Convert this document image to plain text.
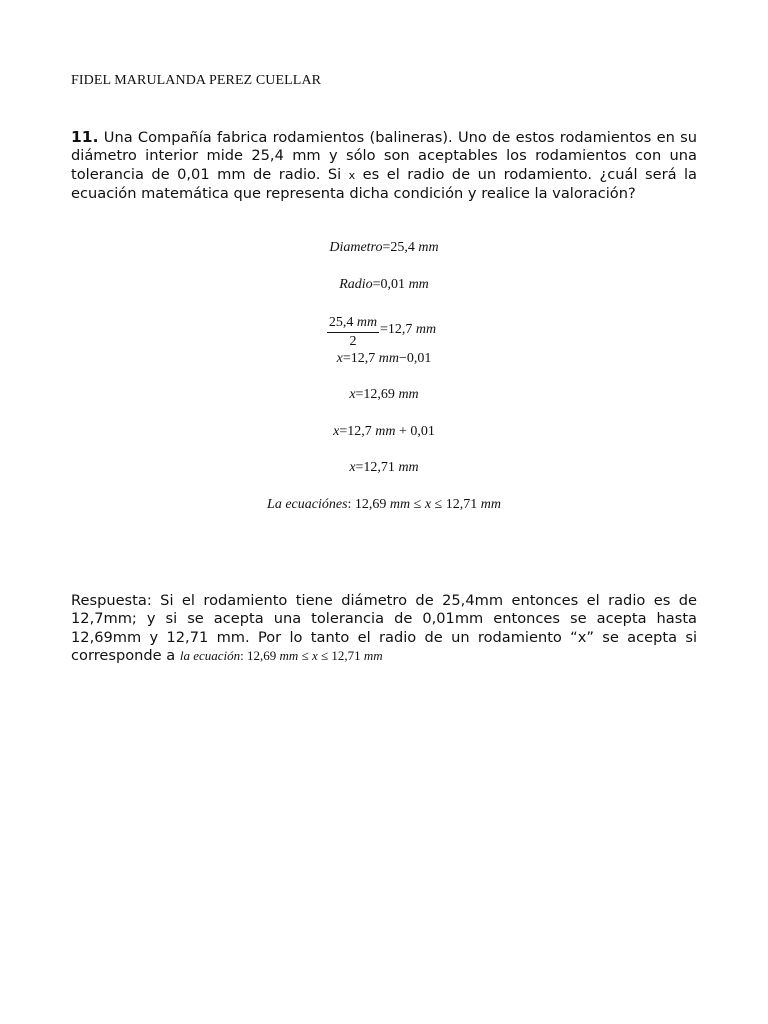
FIDEL MARULANDA PEREZ CUELLAR
11. Una Compañía fabrica rodamientos (balineras). Uno de estos rodamientos en su diámetro interior mide 25,4 mm y sólo son aceptables los rodamientos con una tolerancia de 0,01 mm de radio. Si x es el radio de un rodamiento. ¿cuál será la ecuación matemática que representa dicha condición y realice la valoración?
Diametro=25,4 mm
Radio=0,01 mm
25,4 mm
2
=12,7 mm
x=12,7 mm−0,01
x=12,69 mm
x=12,7 mm + 0,01
x=12,71 mm
La ecuaciónes: 12,69 mm ≤ x ≤ 12,71 mm
Respuesta: Si el rodamiento tiene diámetro de 25,4mm entonces el radio es de 12,7mm; y si se acepta una tolerancia de 0,01mm entonces se acepta hasta 12,69mm y 12,71 mm. Por lo tanto el radio de un rodamiento “x” se acepta si corresponde a la ecuación: 12,69 mm ≤ x ≤ 12,71 mm
